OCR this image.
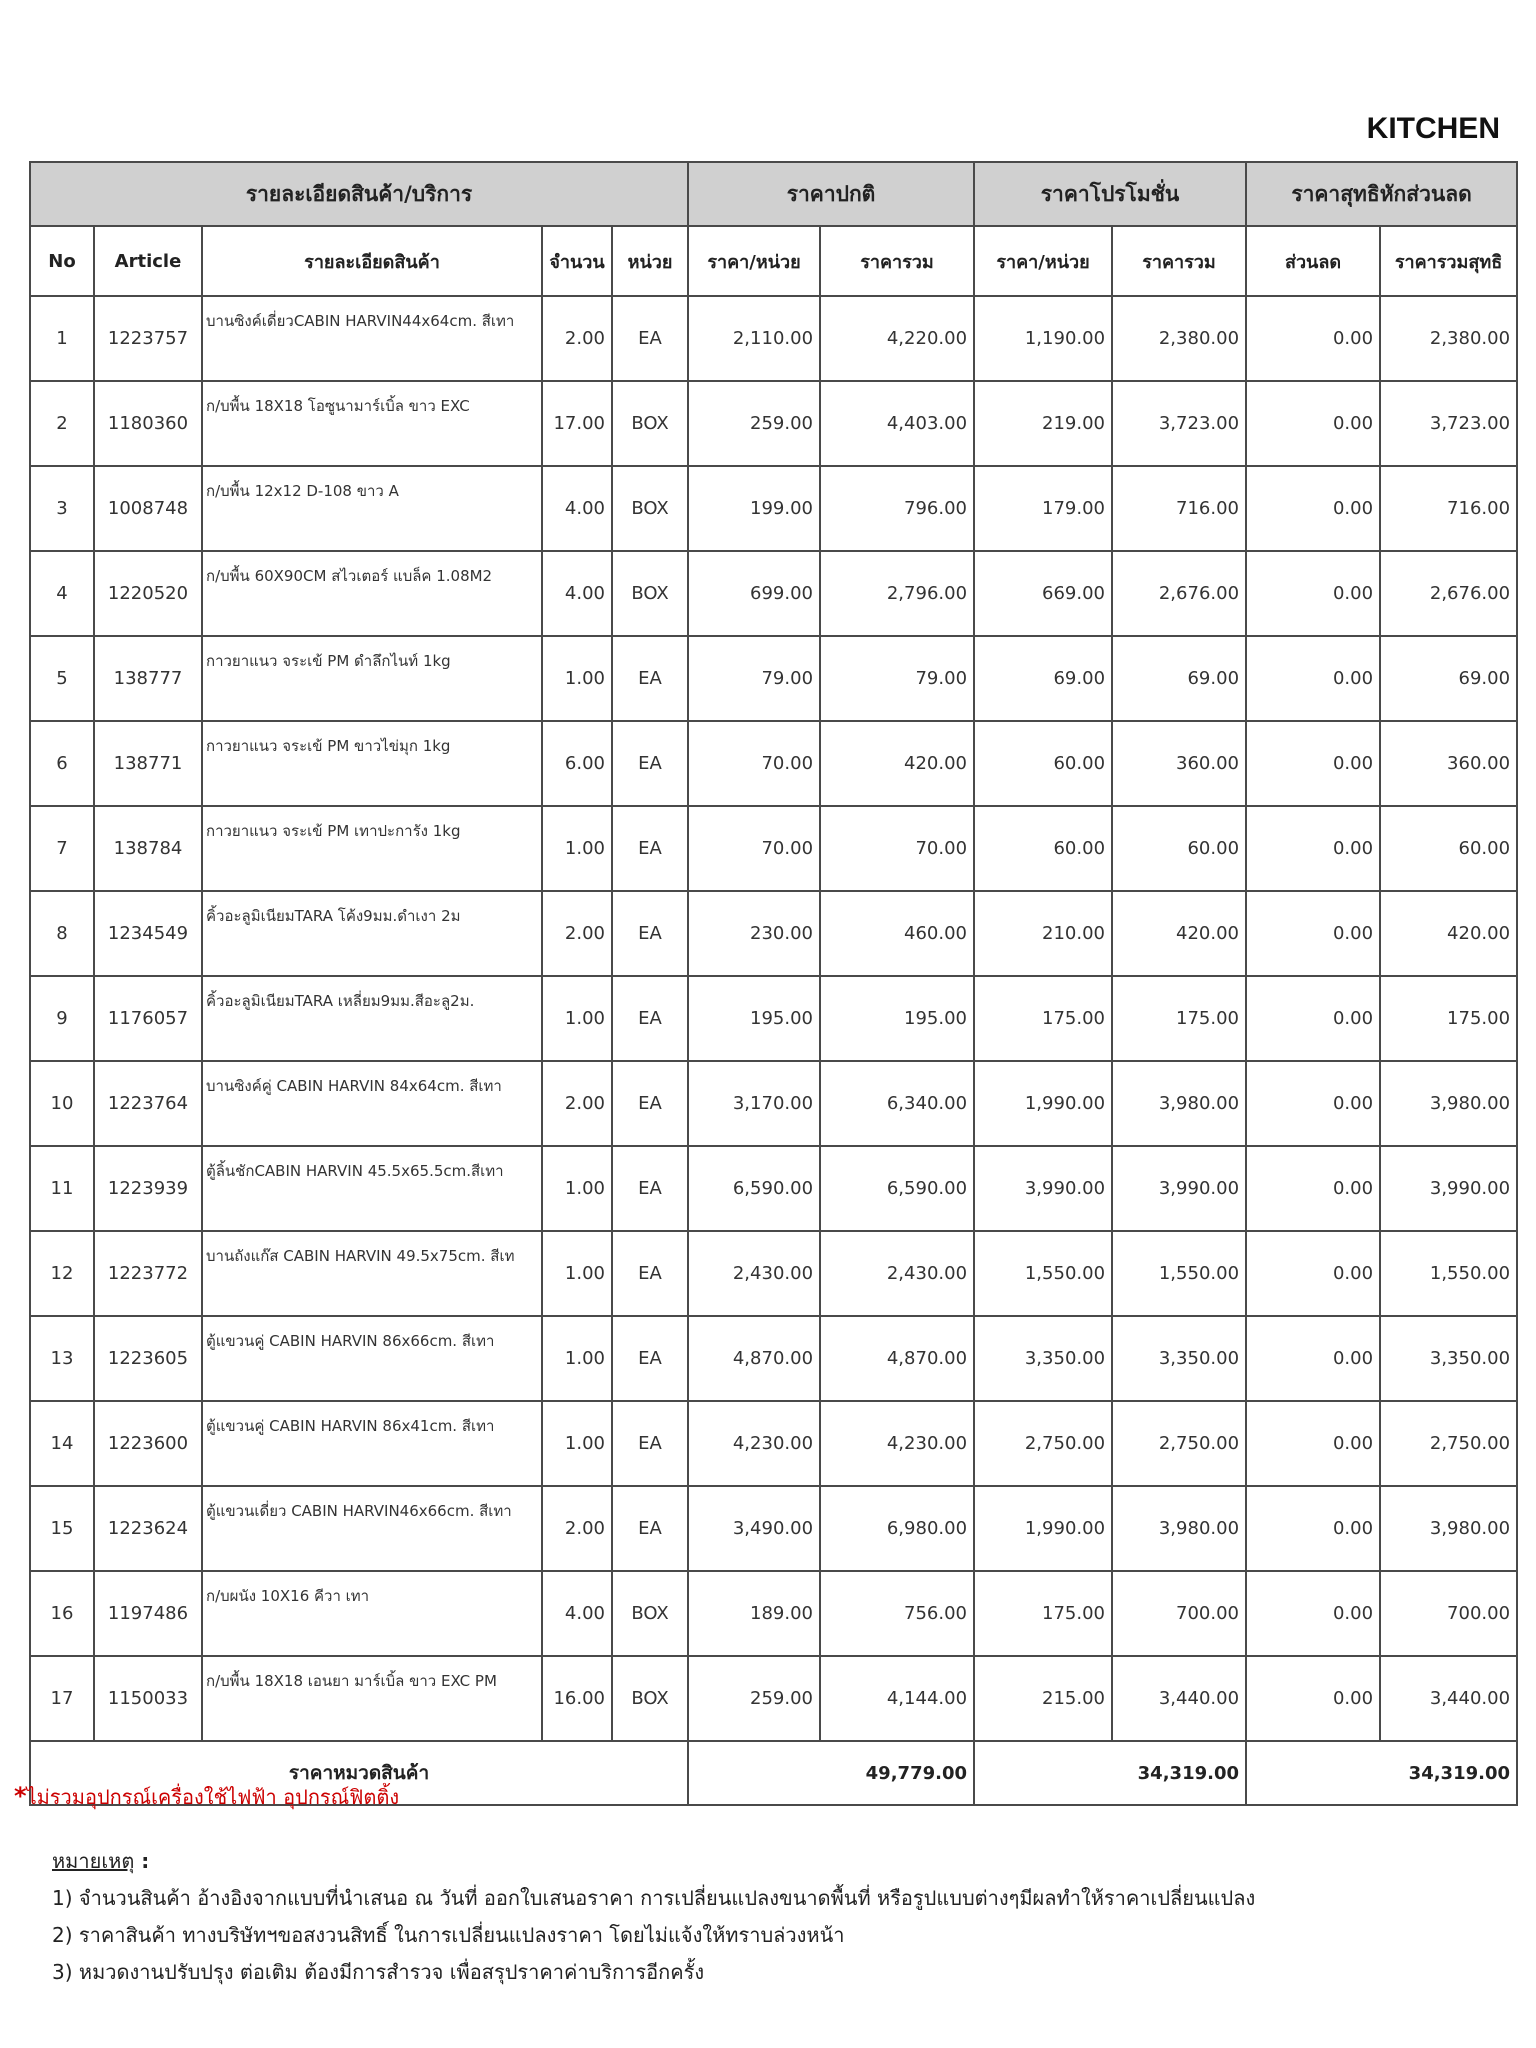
KITCHEN
รายละเอียดสินค้า/บริการ					ราคาปกติ		ราคาโปรโมชั่น		ราคาสุทธิหักส่วนลด	
No	Article	รายละเอียดสินค้า	จำนวน	หน่วย	ราคา/หน่วย	ราคารวม	ราคา/หน่วย	ราคารวม	ส่วนลด	ราคารวมสุทธิ
1	1223757	บานซิงค์เดี่ยวCABIN HARVIN44x64cm. สีเทา	2.00	EA	2,110.00	4,220.00	1,190.00	2,380.00	0.00	2,380.00
2	1180360	ก/บพื้น 18X18 โอซูนามาร์เบิ้ล ขาว EXC	17.00	BOX	259.00	4,403.00	219.00	3,723.00	0.00	3,723.00
3	1008748	ก/บพื้น 12x12 D-108 ขาว A	4.00	BOX	199.00	796.00	179.00	716.00	0.00	716.00
4	1220520	ก/บพื้น 60X90CM สไวเตอร์ แบล็ค 1.08M2	4.00	BOX	699.00	2,796.00	669.00	2,676.00	0.00	2,676.00
5	138777	กาวยาแนว จระเข้ PM ดำลึกไนท์ 1kg	1.00	EA	79.00	79.00	69.00	69.00	0.00	69.00
6	138771	กาวยาแนว จระเข้ PM ขาวไข่มุก 1kg	6.00	EA	70.00	420.00	60.00	360.00	0.00	360.00
7	138784	กาวยาแนว จระเข้ PM เทาปะการัง 1kg	1.00	EA	70.00	70.00	60.00	60.00	0.00	60.00
8	1234549	คิ้วอะลูมิเนียมTARA โค้ง9มม.ดำเงา 2ม	2.00	EA	230.00	460.00	210.00	420.00	0.00	420.00
9	1176057	คิ้วอะลูมิเนียมTARA เหลี่ยม9มม.สีอะลู2ม.	1.00	EA	195.00	195.00	175.00	175.00	0.00	175.00
10	1223764	บานซิงค์คู่ CABIN HARVIN 84x64cm. สีเทา	2.00	EA	3,170.00	6,340.00	1,990.00	3,980.00	0.00	3,980.00
11	1223939	ตู้ลิ้นชักCABIN HARVIN 45.5x65.5cm.สีเทา	1.00	EA	6,590.00	6,590.00	3,990.00	3,990.00	0.00	3,990.00
12	1223772	บานถังแก๊ส CABIN HARVIN 49.5x75cm. สีเท	1.00	EA	2,430.00	2,430.00	1,550.00	1,550.00	0.00	1,550.00
13	1223605	ตู้แขวนคู่ CABIN HARVIN 86x66cm. สีเทา	1.00	EA	4,870.00	4,870.00	3,350.00	3,350.00	0.00	3,350.00
14	1223600	ตู้แขวนคู่ CABIN HARVIN 86x41cm. สีเทา	1.00	EA	4,230.00	4,230.00	2,750.00	2,750.00	0.00	2,750.00
15	1223624	ตู้แขวนเดี่ยว CABIN HARVIN46x66cm. สีเทา	2.00	EA	3,490.00	6,980.00	1,990.00	3,980.00	0.00	3,980.00
16	1197486	ก/บผนัง 10X16 คีวา เทา	4.00	BOX	189.00	756.00	175.00	700.00	0.00	700.00
17	1150033	ก/บพื้น 18X18 เอนยา มาร์เบิ้ล ขาว EXC PM	16.00	BOX	259.00	4,144.00	215.00	3,440.00	0.00	3,440.00
ราคาหมวดสินค้า					49,779.00		34,319.00		34,319.00	
*ไม่รวมอุปกรณ์เครื่องใช้ไฟฟ้า อุปกรณ์ฟิตติ้ง
หมายเหตุ :
1) จำนวนสินค้า อ้างอิงจากแบบที่นำเสนอ ณ วันที่ ออกใบเสนอราคา การเปลี่ยนแปลงขนาดพื้นที่ หรือรูปแบบต่างๆมีผลทำให้ราคาเปลี่ยนแปลง
2) ราคาสินค้า ทางบริษัทฯขอสงวนสิทธิ์ ในการเปลี่ยนแปลงราคา โดยไม่แจ้งให้ทราบล่วงหน้า
3) หมวดงานปรับปรุง ต่อเติม ต้องมีการสำรวจ เพื่อสรุปราคาค่าบริการอีกครั้ง
